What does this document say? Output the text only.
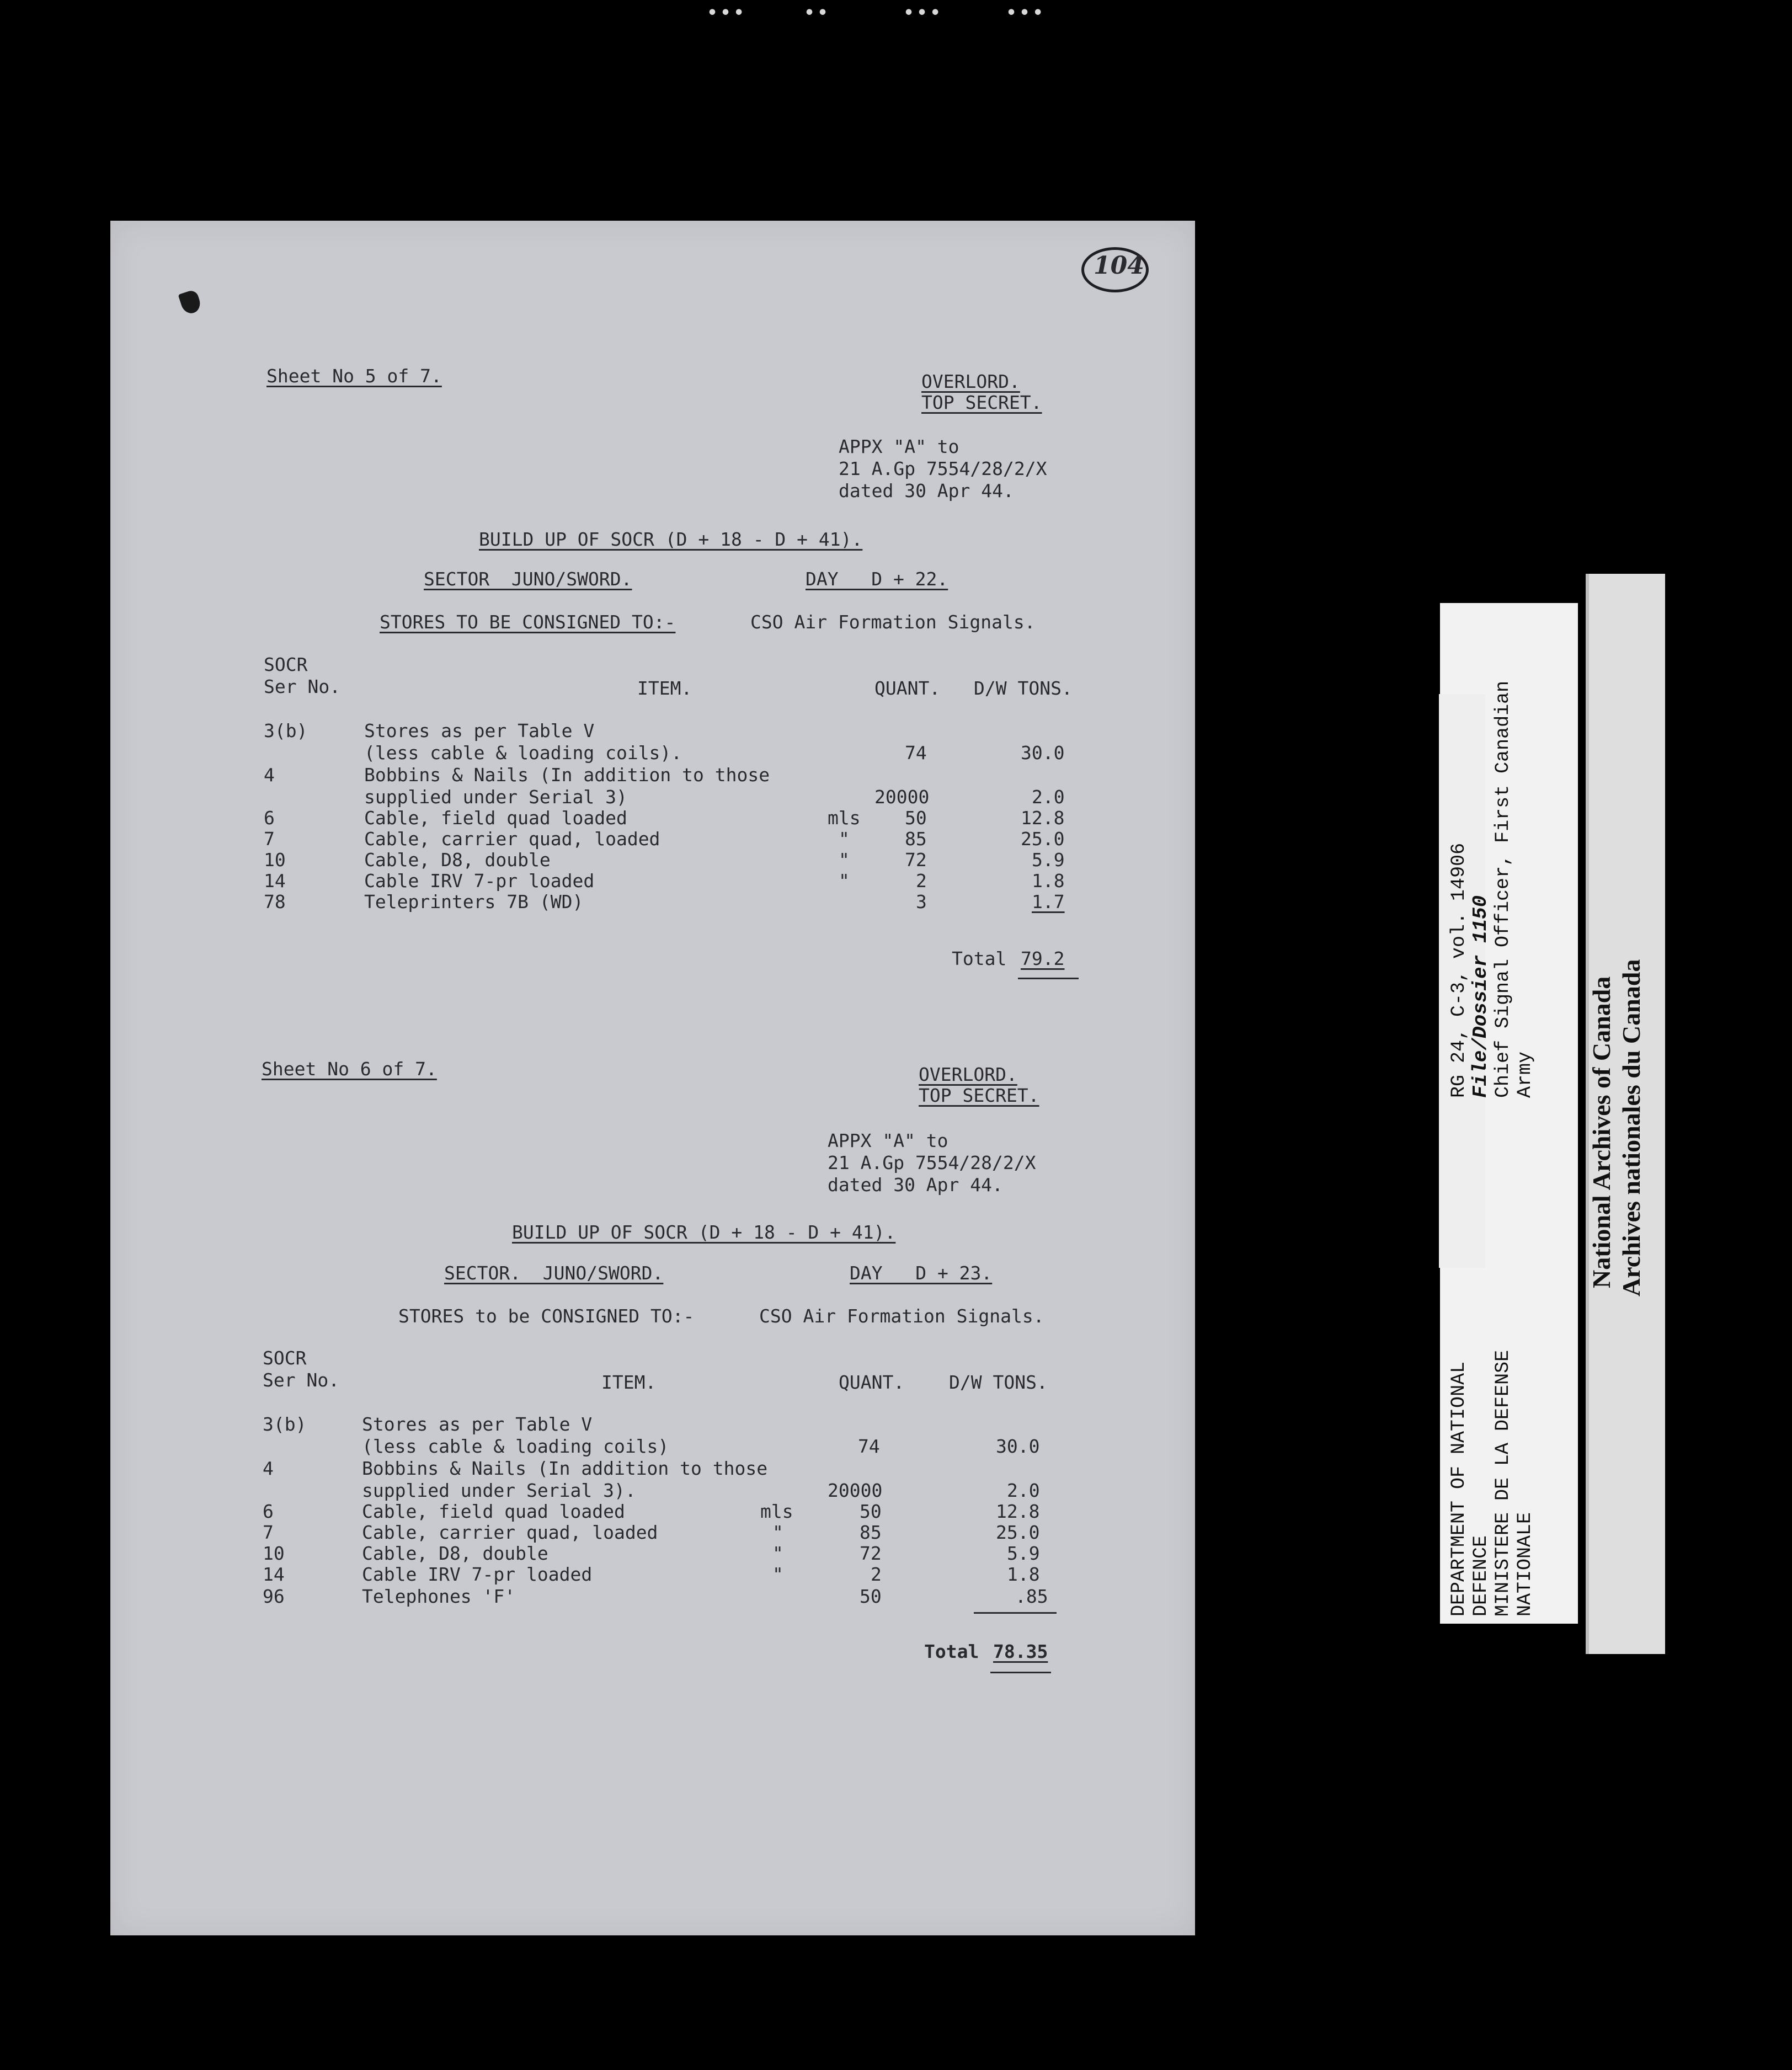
•••	••	•••	•••
104
Sheet No 5 of 7.	OVERLORD.
TOP SECRET.
APPX "A" to
21 A.Gp 7554/28/2/X
dated 30 Apr 44.
BUILD UP OF SOCR (D + 18 - D + 41).
SECTOR  JUNO/SWORD.	DAY   D + 22.
STORES TO BE CONSIGNED TO:-	CSO Air Formation Signals.
SOCR
Ser No.	ITEM.	QUANT. D/W TONS.
3(b)	Stores as per Table V
(less cable & loading coils).	74	30.0
4	Bobbins & Nails (In addition to those
supplied under Serial 3)	20000	2.0
6	Cable, field quad loaded	mls 50	12.8
7	Cable, carrier quad, loaded	"	85	25.0
10	Cable, D8, double	"	72	5.9
14	Cable IRV 7-pr loaded	"	2	1.8
78	Teleprinters 7B (WD)	3	1.7
Total 79.2
Sheet No 6 of 7.	OVERLORD.
TOP SECRET.
APPX "A" to
21 A.Gp 7554/28/2/X
dated 30 Apr 44.
BUILD UP OF SOCR (D + 18 - D + 41).
SECTOR.  JUNO/SWORD.	DAY   D + 23.
STORES to be CONSIGNED TO:-	CSO Air Formation Signals.
SOCR
Ser No.	ITEM.	QUANT. D/W TONS.
3(b)	Stores as per Table V
(less cable & loading coils)	74	30.0
4	Bobbins & Nails (In addition to those
supplied under Serial 3).	20000	2.0
6	Cable, field quad loaded	mls	50	12.8
7	Cable, carrier quad, loaded	"	85	25.0
10	Cable, D8, double	"	72	5.9
14	Cable IRV 7-pr loaded	"	2	1.8
96	Telephones 'F'	50	.85
Total 78.35
RG 24, C-3, vol. 14906 File/Dossier 1150 Chief Signal Officer, First Canadian Army
DEPARTMENT OF NATIONAL DEFENCE MINISTERE DE LA DEFENSE NATIONALE
National Archives of Canada Archives nationales du Canada
